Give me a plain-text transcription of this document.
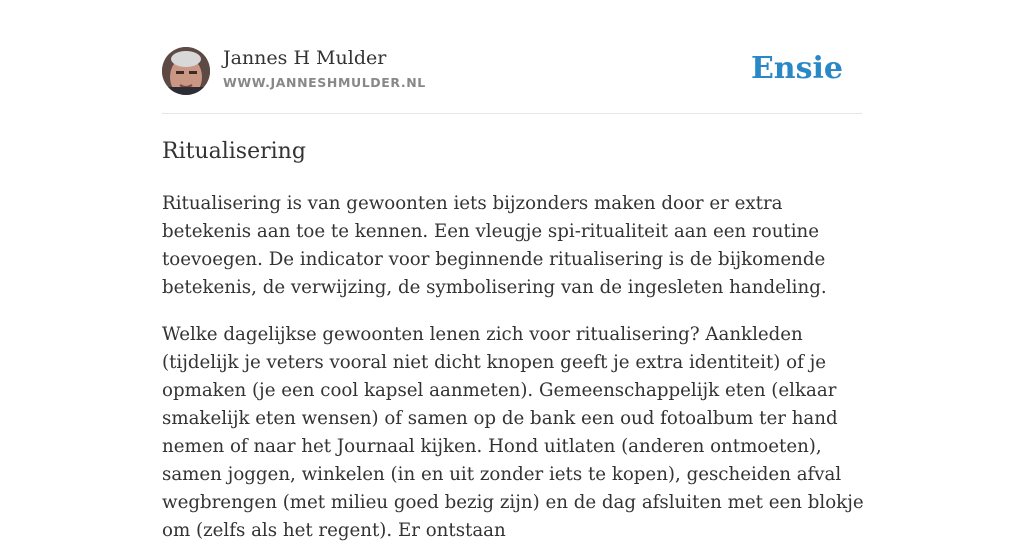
Jannes H Mulder
WWW.JANNESHMULDER.NL	Ensie
Ritualisering

Ritualisering is van gewoonten iets bijzonders maken door er extra betekenis aan toe te kennen. Een vleugje spi-ritualiteit aan een routine toevoegen. De indicator voor beginnende ritualisering is de bijkomende betekenis, de verwijzing, de symbolisering van de ingesleten handeling.

Welke dagelijkse gewoonten lenen zich voor ritualisering? Aankleden (tijdelijk je veters vooral niet dicht knopen geeft je extra identiteit) of je opmaken (je een cool kapsel aanmeten). Gemeenschappelijk eten (elkaar smakelijk eten wensen) of samen op de bank een oud fotoalbum ter hand nemen of naar het Journaal kijken. Hond uitlaten (anderen ontmoeten), samen joggen, winkelen (in en uit zonder iets te kopen), gescheiden afval wegbrengen (met milieu goed bezig zijn) en de dag afsluiten met een blokje om (zelfs als het regent). Er ontstaan
